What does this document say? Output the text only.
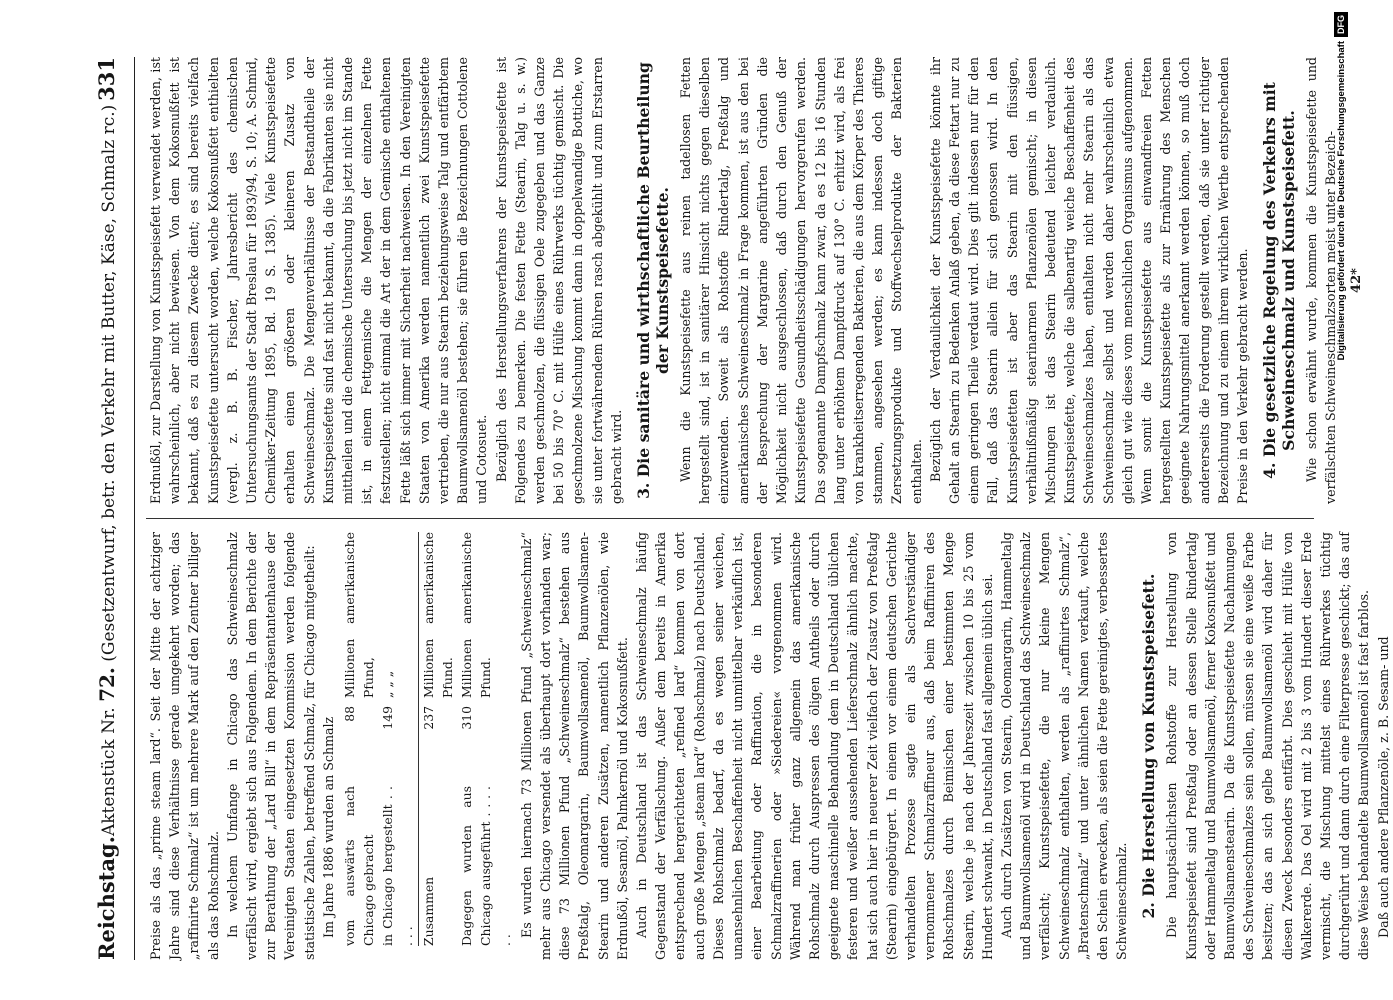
Reichstag.
Aktenstück Nr. 72. (Gesetzentwurf, betr. den Verkehr mit Butter, Käse, Schmalz rc.)
331

Preise als das „prime steam lard“. Seit der Mitte der achtziger Jahre sind diese Verhältnisse gerade umgekehrt worden; das „raffinirte Schmalz“ ist um mehrere Mark auf den Zentner billiger als das Rohschmalz. In welchem Umfange in Chicago das Schweineschmalz verfälscht wird, ergiebt sich aus Folgendem. In dem Berichte der zur Berathung der „Lard Bill“ in dem Repräsentantenhause der Vereinigten Staaten eingesetzten Kommission werden folgende statistische Zahlen, betreffend Schmalz, für Chicago mitgetheilt: Im Jahre 1886 wurden an Schmalz vom auswärts nach Chicago gebracht
88
Millionen amerikanische Pfund,
in Chicago hergestellt . . . . .
149
„ „ „
Zusammen
237
Millionen amerikanische Pfund.
Dagegen wurden aus Chicago ausgeführt . . . . . .
310
Millionen amerikanische Pfund.	Es wurden hiernach 73 Millionen Pfund „Schweineschmalz“ mehr aus Chicago versendet als überhaupt dort vorhanden war; diese 73 Millionen Pfund „Schweineschmalz“ bestehen aus Preßtalg, Oleomargarin, Baumwollsamenöl, Baumwollsamen-Stearin und anderen Zusätzen, namentlich Pflanzenölen, wie Erdnußöl, Sesamöl, Palmkernöl und Kokosnußfett. Auch in Deutschland ist das Schweineschmalz häufig Gegenstand der Verfälschung. Außer dem bereits in Amerika entsprechend hergerichteten „refined lard“ kommen von dort auch große Mengen „steam lard“ (Rohschmalz) nach Deutschland. Dieses Rohschmalz bedarf, da es wegen seiner weichen, unansehnlichen Beschaffenheit nicht unmittelbar verkäuflich ist, einer Bearbeitung oder Raffination, die in besonderen Schmalzraffinerien oder »Siedereien« vorgenommen wird. Während man früher ganz allgemein das amerikanische Rohschmalz durch Auspressen des öligen Antheils oder durch geeignete maschinelle Behandlung dem in Deutschland üblichen festeren und weißer aussehenden Lieferschmalz ähnlich machte, hat sich auch hier in neuerer Zeit vielfach der Zusatz von Preßtalg (Stearin) eingebürgert. In einem vor einem deutschen Gerichte verhandelten Prozesse sagte ein als Sachverständiger vernommener Schmalzraffineur aus, daß beim Raffiniren des Rohschmalzes durch Beimischen einer bestimmten Menge Stearin, welche je nach der Jahreszeit zwischen 10 bis 25 vom Hundert schwankt, in Deutschland fast allgemein üblich sei. Auch durch Zusätzen von Stearin, Oleomargarin, Hammeltalg und Baumwollsamenöl wird in Deutschland das Schweineschmalz verfälscht; Kunstspeisefette, die nur kleine Mengen Schweineschmalz enthalten, werden als „raffinirtes Schmalz“, „Bratenschmalz“ und unter ähnlichen Namen verkauft, welche den Schein erwecken, als seien die Fette gereinigtes, verbessertes Schweineschmalz. 2. Die Herstellung von Kunstspeisefett. Die hauptsächlichsten Rohstoffe zur Herstellung von Kunstspeisefett sind Preßtalg oder an dessen Stelle Rindertalg oder Hammeltalg und Baumwollsamenöl, ferner Kokosnußfett und Baumwollsamenstearin. Da die Kunstspeisefette Nachahmungen des Schweineschmalzes sein sollen, müssen sie eine weiße Farbe besitzen; das an sich gelbe Baumwollsamenöl wird daher für diesen Zweck besonders entfärbt. Dies geschieht mit Hülfe von Walkererde. Das Oel wird mit 2 bis 3 vom Hundert dieser Erde vermischt, die Mischung mittelst eines Rührwerkes tüchtig durchgerührt und dann durch eine Filterpresse geschickt; das auf diese Weise behandelte Baumwollsamenöl ist fast farblos. Daß auch andere Pflanzenöle, z. B. Sesam- und

Erdnußöl, zur Darstellung von Kunstspeisefett verwendet werden, ist wahrscheinlich, aber nicht bewiesen. Von dem Kokosnußfett ist bekannt, daß es zu diesem Zwecke dient; es sind bereits vielfach Kunstspeisefette untersucht worden, welche Kokosnußfett enthielten (vergl. z. B. B. Fischer, Jahresbericht des chemischen Untersuchungsamts der Stadt Breslau für 1893/94, S. 10; A. Schmid, Chemiker-Zeitung 1895, Bd. 19 S. 1385). Viele Kunstspeisefette erhalten einen größeren oder kleineren Zusatz von Schweineschmalz. Die Mengenverhältnisse der Bestandtheile der Kunstspeisefette sind fast nicht bekannt, da die Fabrikanten sie nicht mittheilen und die chemische Untersuchung bis jetzt nicht im Stande ist, in einem Fettgemische die Mengen der einzelnen Fette festzustellen; nicht einmal die Art der in dem Gemische enthaltenen Fette läßt sich immer mit Sicherheit nachweisen. In den Vereinigten Staaten von Amerika werden namentlich zwei Kunstspeisefette vertrieben, die nur aus Stearin beziehungsweise Talg und entfärbtem Baumwollsamenöl bestehen; sie führen die Bezeichnungen Cottolene und Cotosuet. Bezüglich des Herstellungsverfahrens der Kunstspeisefette ist Folgendes zu bemerken. Die festen Fette (Stearin, Talg u. s. w.) werden geschmolzen, die flüssigen Oele zugegeben und das Ganze bei 50 bis 70° C. mit Hülfe eines Rührwerks tüchtig gemischt. Die geschmolzene Mischung kommt dann in doppelwandige Bottiche, wo sie unter fortwährendem Rühren rasch abgekühlt und zum Erstarren gebracht wird. 3. Die sanitäre und wirthschaftliche Beurtheilung der Kunstspeisefette. Wenn die Kunstspeisefette aus reinen tadellosen Fetten hergestellt sind, ist in sanitärer Hinsicht nichts gegen dieselben einzuwenden. Soweit als Rohstoffe Rindertalg, Preßtalg und amerikanisches Schweineschmalz in Frage kommen, ist aus den bei der Besprechung der Margarine angeführten Gründen die Möglichkeit nicht ausgeschlossen, daß durch den Genuß der Kunstspeisefette Gesundheitsschädigungen hervorgerufen werden. Das sogenannte Dampfschmalz kann zwar, da es 12 bis 16 Stunden lang unter erhöhtem Dampfdruck auf 130° C. erhitzt wird, als frei von krankheitserregenden Bakterien, die aus dem Körper des Thieres stammen, angesehen werden; es kann indessen doch giftige Zersetzungsprodukte und Stoffwechselprodukte der Bakterien enthalten. Bezüglich der Verdaulichkeit der Kunstspeisefette könnte ihr Gehalt an Stearin zu Bedenken Anlaß geben, da diese Fettart nur zu einem geringen Theile verdaut wird. Dies gilt indessen nur für den Fall, daß das Stearin allein für sich genossen wird. In den Kunstspeisefetten ist aber das Stearin mit den flüssigen, verhältnißmäßig stearinarmen Pflanzenölen gemischt; in diesen Mischungen ist das Stearin bedeutend leichter verdaulich. Kunstspeisefette, welche die salbenartig weiche Beschaffenheit des Schweineschmalzes haben, enthalten nicht mehr Stearin als das Schweineschmalz selbst und werden daher wahrscheinlich etwa gleich gut wie dieses vom menschlichen Organismus aufgenommen. Wenn somit die Kunstspeisefette aus einwandfreien Fetten hergestellten Kunstspeisefette als zur Ernährung des Menschen geeignete Nahrungsmittel anerkannt werden können, so muß doch andererseits die Forderung gestellt werden, daß sie unter richtiger Bezeichnung und zu einem ihrem wirklichen Werthe entsprechenden Preise in den Verkehr gebracht werden. 4. Die gesetzliche Regelung des Verkehrs mit Schweineschmalz und Kunstspeisefett. Wie schon erwähnt wurde, kommen die Kunstspeisefette und verfälschten Schweineschmalzsorten meist unter Bezeich- 42*
Digitalisierung gefördert durch die Deutsche ForschungsgemeinschaftDFG
